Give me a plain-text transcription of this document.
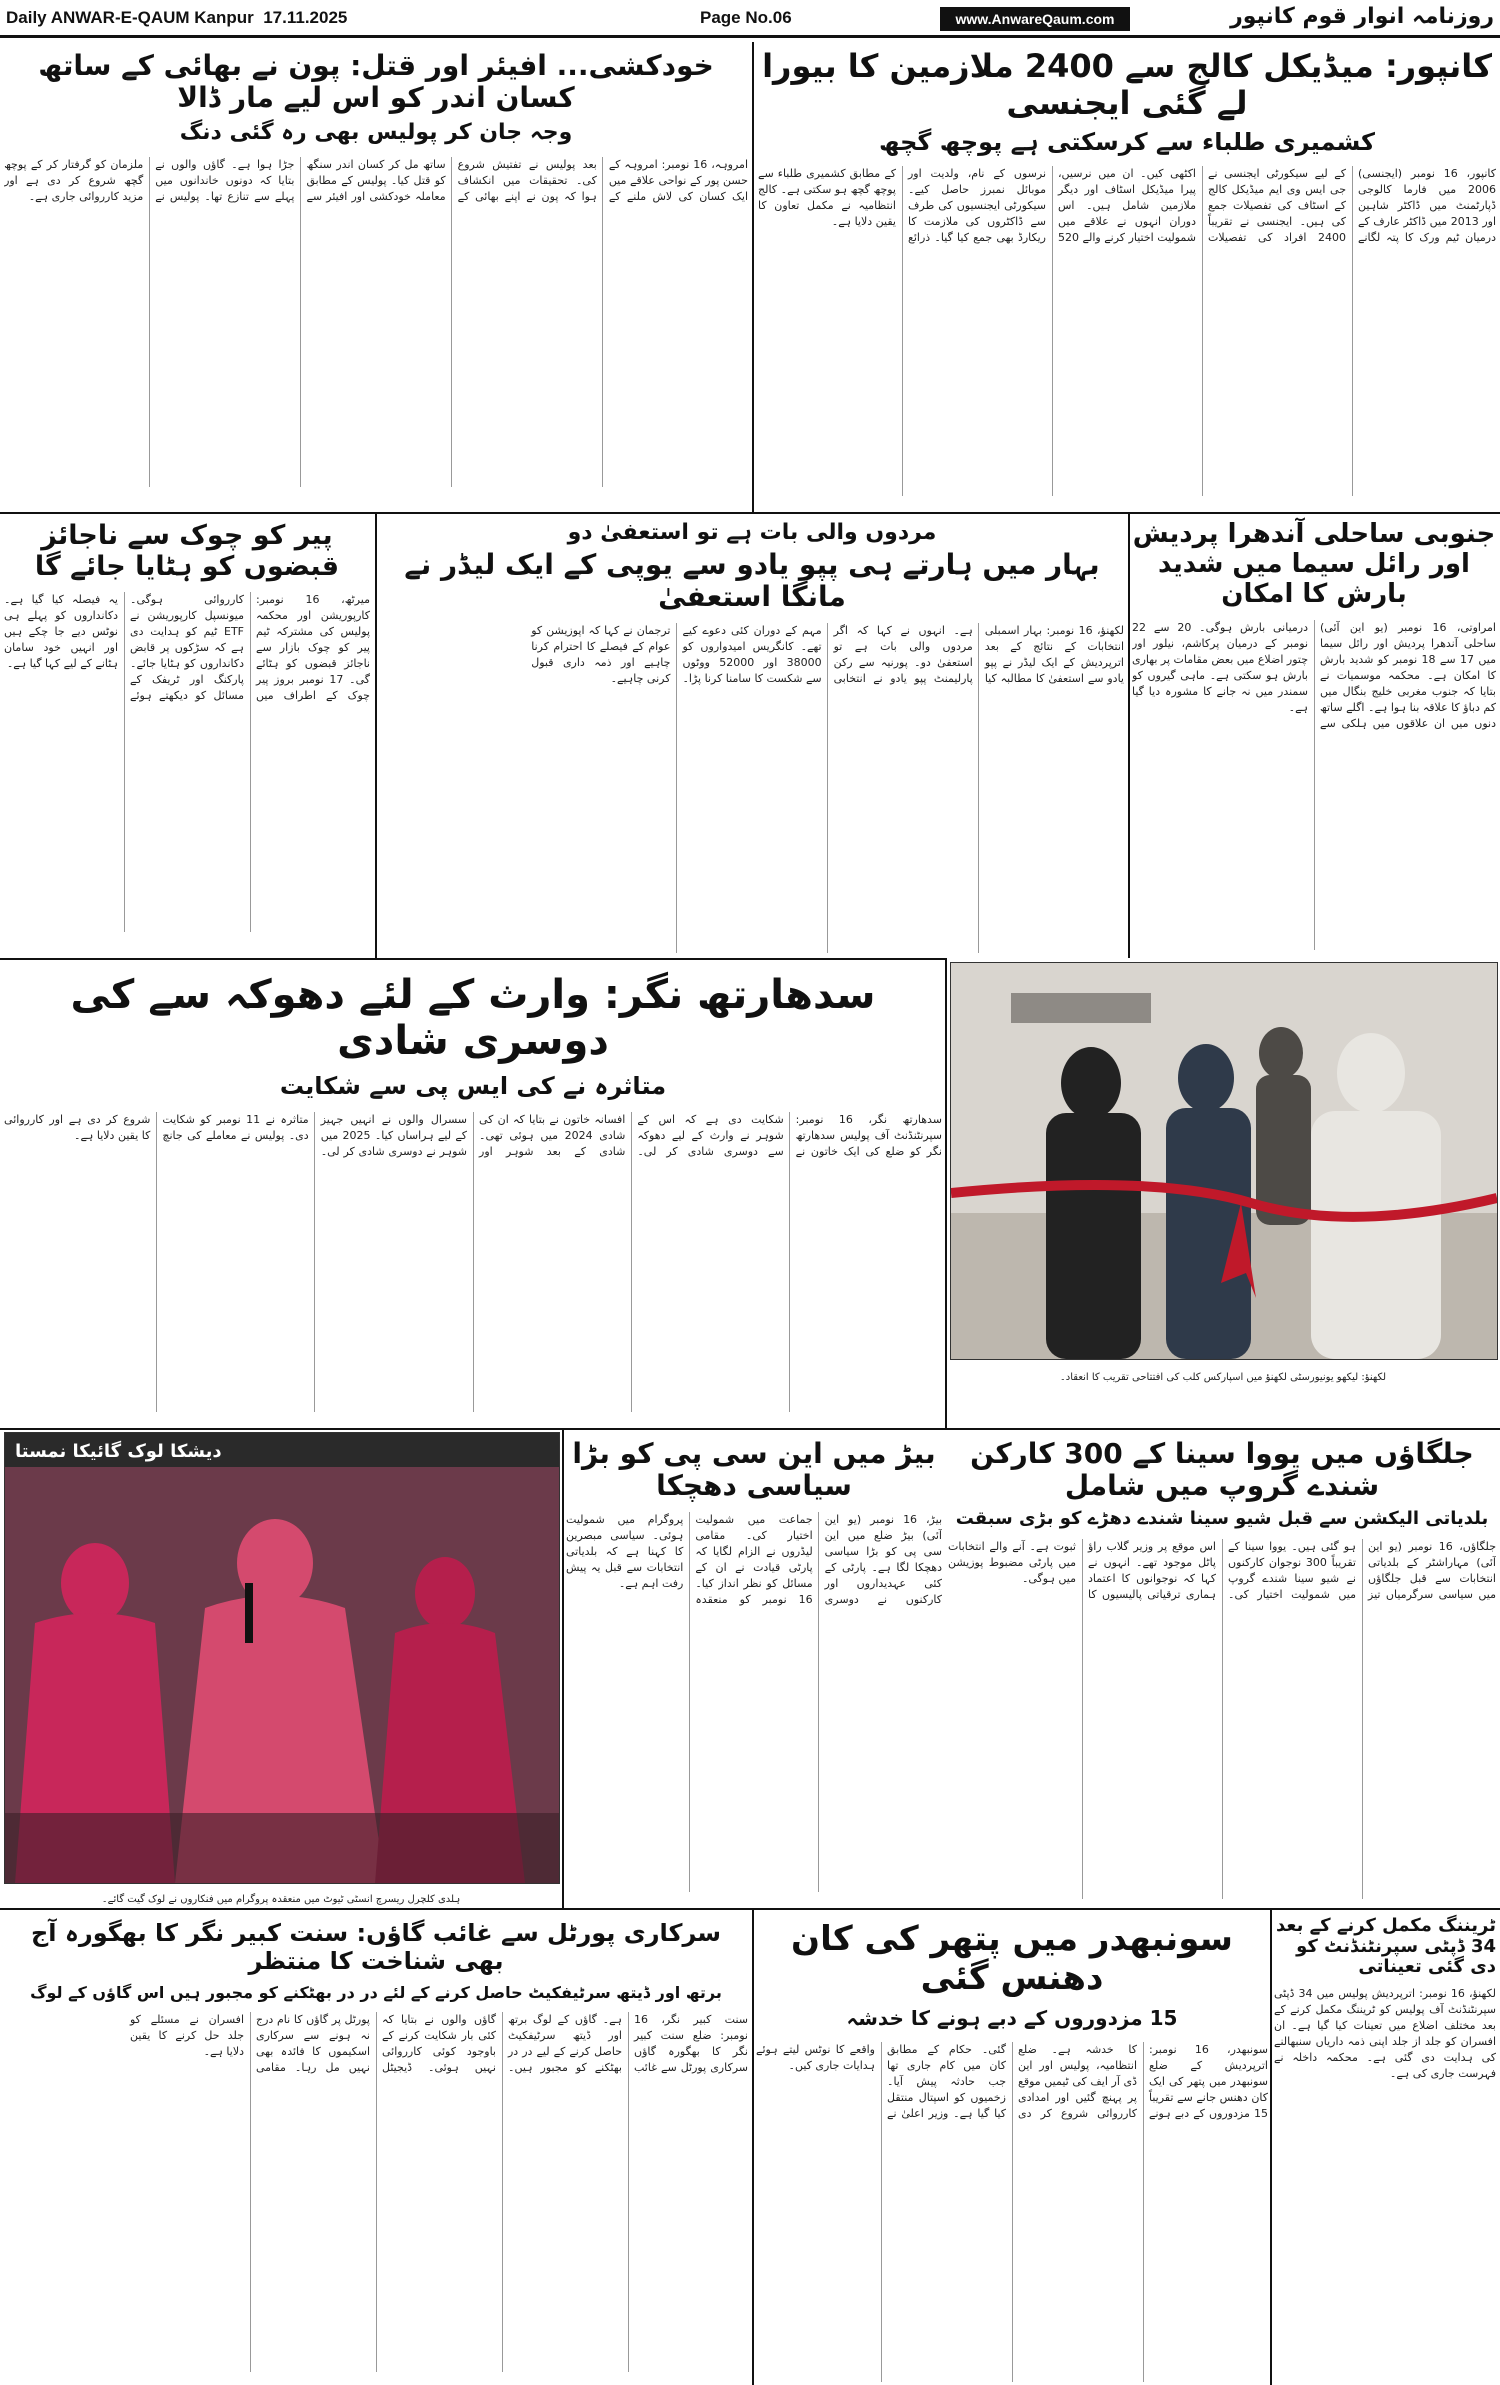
Daily ANWAR-E-QAUM Kanpur 17.11.2025	Page No.06	www.AnwareQaum.com	روزنامہ انوار قوم کانپور
کانپور: میڈیکل کالج سے 2400 ملازمین کا بیورا لے گئی ایجنسی
کشمیری طلباء سے کرسکتی ہے پوچھ گچھ
کانپور، 16 نومبر (ایجنسی) 2006 میں فارما کالوجی ڈپارٹمنٹ میں ڈاکٹر شاہین اور 2013 میں ڈاکٹر عارف کے درمیان ٹیم ورک کا پتہ لگانے کے لیے سیکورٹی ایجنسی نے جی ایس وی ایم میڈیکل کالج کے اسٹاف کی تفصیلات جمع کی ہیں۔ ایجنسی نے تقریباً 2400 افراد کی تفصیلات اکٹھی کیں۔ ان میں نرسیں، پیرا میڈیکل اسٹاف اور دیگر ملازمین شامل ہیں۔ اس دوران انہوں نے علاقے میں شمولیت اختیار کرنے والے 520 نرسوں کے نام، ولدیت اور موبائل نمبرز حاصل کیے۔ سیکورٹی ایجنسیوں کی طرف سے ڈاکٹروں کی ملازمت کا ریکارڈ بھی جمع کیا گیا۔ ذرائع کے مطابق کشمیری طلباء سے پوچھ گچھ ہو سکتی ہے۔ کالج انتظامیہ نے مکمل تعاون کا یقین دلایا ہے۔
خودکشی... افیئر اور قتل: پون نے بھائی کے ساتھ کسان اندر کو اس لیے مار ڈالا
وجہ جان کر پولیس بھی رہ گئی دنگ
امروہہ، 16 نومبر: امروہہ کے حسن پور کے نواحی علاقے میں ایک کسان کی لاش ملنے کے بعد پولیس نے تفتیش شروع کی۔ تحقیقات میں انکشاف ہوا کہ پون نے اپنے بھائی کے ساتھ مل کر کسان اندر سنگھ کو قتل کیا۔ پولیس کے مطابق معاملہ خودکشی اور افیئر سے جڑا ہوا ہے۔ گاؤں والوں نے بتایا کہ دونوں خاندانوں میں پہلے سے تنازع تھا۔ پولیس نے ملزمان کو گرفتار کر کے پوچھ گچھ شروع کر دی ہے اور مزید کارروائی جاری ہے۔
جنوبی ساحلی آندھرا پردیش اور رائل سیما میں شدید بارش کا امکان
امراوتی، 16 نومبر (یو این آئی) ساحلی آندھرا پردیش اور رائل سیما میں 17 سے 18 نومبر کو شدید بارش کا امکان ہے۔ محکمہ موسمیات نے بتایا کہ جنوب مغربی خلیج بنگال میں کم دباؤ کا علاقہ بنا ہوا ہے۔ اگلے ساتھ دنوں میں ان علاقوں میں ہلکی سے درمیانی بارش ہوگی۔ 20 سے 22 نومبر کے درمیان پرکاشم، نیلور اور چتور اضلاع میں بعض مقامات پر بھاری بارش ہو سکتی ہے۔ ماہی گیروں کو سمندر میں نہ جانے کا مشورہ دیا گیا ہے۔
مردوں والی بات ہے تو استعفیٰ دو
بہار میں ہارتے ہی پپو یادو سے یوپی کے ایک لیڈر نے مانگا استعفیٰ
لکھنؤ، 16 نومبر: بہار اسمبلی انتخابات کے نتائج کے بعد اترپردیش کے ایک لیڈر نے پپو یادو سے استعفیٰ کا مطالبہ کیا ہے۔ انہوں نے کہا کہ اگر مردوں والی بات ہے تو استعفیٰ دو۔ پورنیہ سے رکن پارلیمنٹ پپو یادو نے انتخابی مہم کے دوران کئی دعوے کیے تھے۔ کانگریس امیدواروں کو 38000 اور 52000 ووٹوں سے شکست کا سامنا کرنا پڑا۔ ترجمان نے کہا کہ اپوزیشن کو عوام کے فیصلے کا احترام کرنا چاہیے اور ذمہ داری قبول کرنی چاہیے۔
پیر کو چوک سے ناجائز قبضوں کو ہٹایا جائے گا
میرٹھ، 16 نومبر: کارپوریشن اور محکمہ پولیس کی مشترکہ ٹیم پیر کو چوک بازار سے ناجائز قبضوں کو ہٹائے گی۔ 17 نومبر بروز پیر چوک کے اطراف میں کارروائی ہوگی۔ میونسپل کارپوریشن نے ETF ٹیم کو ہدایت دی ہے کہ سڑکوں پر قابض دکانداروں کو ہٹایا جائے۔ پارکنگ اور ٹریفک کے مسائل کو دیکھتے ہوئے یہ فیصلہ کیا گیا ہے۔ دکانداروں کو پہلے ہی نوٹس دیے جا چکے ہیں اور انہیں خود سامان ہٹانے کے لیے کہا گیا ہے۔
لکھنؤ: لیکھو یونیورسٹی لکھنؤ میں اسپارکس کلب کی افتتاحی تقریب کا انعقاد۔
سدھارتھ نگر: وارث کے لئے دھوکہ سے کی دوسری شادی
متاثرہ نے کی ایس پی سے شکایت
سدھارتھ نگر، 16 نومبر: سپرنٹنڈنٹ آف پولیس سدھارتھ نگر کو ضلع کی ایک خاتون نے شکایت دی ہے کہ اس کے شوہر نے وارث کے لیے دھوکہ سے دوسری شادی کر لی۔ افسانہ خاتون نے بتایا کہ ان کی شادی 2024 میں ہوئی تھی۔ شادی کے بعد شوہر اور سسرال والوں نے انہیں جہیز کے لیے ہراساں کیا۔ 2025 میں شوہر نے دوسری شادی کر لی۔ متاثرہ نے 11 نومبر کو شکایت دی۔ پولیس نے معاملے کی جانچ شروع کر دی ہے اور کارروائی کا یقین دلایا ہے۔
جلگاؤں میں یووا سینا کے 300 کارکن شندے گروپ میں شامل
بلدیاتی الیکشن سے قبل شیو سینا شندے دھڑے کو بڑی سبقت
جلگاؤں، 16 نومبر (یو این آئی) مہاراشٹر کے بلدیاتی انتخابات سے قبل جلگاؤں میں سیاسی سرگرمیاں تیز ہو گئی ہیں۔ یووا سینا کے تقریباً 300 نوجوان کارکنوں نے شیو سینا شندے گروپ میں شمولیت اختیار کی۔ اس موقع پر وزیر گلاب راؤ پاٹل موجود تھے۔ انہوں نے کہا کہ نوجوانوں کا اعتماد ہماری ترقیاتی پالیسیوں کا ثبوت ہے۔ آنے والے انتخابات میں پارٹی مضبوط پوزیشن میں ہوگی۔
بیڑ میں این سی پی کو بڑا سیاسی دھچکا
بیڑ، 16 نومبر (یو این آئی) بیڑ ضلع میں این سی پی کو بڑا سیاسی دھچکا لگا ہے۔ پارٹی کے کئی عہدیداروں اور کارکنوں نے دوسری جماعت میں شمولیت اختیار کی۔ مقامی لیڈروں نے الزام لگایا کہ پارٹی قیادت نے ان کے مسائل کو نظر انداز کیا۔ 16 نومبر کو منعقدہ پروگرام میں شمولیت ہوئی۔ سیاسی مبصرین کا کہنا ہے کہ بلدیاتی انتخابات سے قبل یہ پیش رفت اہم ہے۔
دیشکا لوک گائیکا نمستا
ہلدی کلچرل ریسرچ انسٹی ٹیوٹ میں منعقدہ پروگرام میں فنکاروں نے لوک گیت گائے۔
ٹریننگ مکمل کرنے کے بعد 34 ڈپٹی سپرنٹنڈنٹ کو دی گئی تعیناتی
لکھنؤ، 16 نومبر: اترپردیش پولیس میں 34 ڈپٹی سپرنٹنڈنٹ آف پولیس کو ٹریننگ مکمل کرنے کے بعد مختلف اضلاع میں تعینات کیا گیا ہے۔ ان افسران کو جلد از جلد اپنی ذمہ داریاں سنبھالنے کی ہدایت دی گئی ہے۔ محکمہ داخلہ نے فہرست جاری کی ہے۔
سونبھدر میں پتھر کی کان دھنس گئی
15 مزدوروں کے دبے ہونے کا خدشہ
سونبھدر، 16 نومبر: اترپردیش کے ضلع سونبھدر میں پتھر کی ایک کان دھنس جانے سے تقریباً 15 مزدوروں کے دبے ہونے کا خدشہ ہے۔ ضلع انتظامیہ، پولیس اور این ڈی آر ایف کی ٹیمیں موقع پر پہنچ گئیں اور امدادی کارروائی شروع کر دی گئی۔ حکام کے مطابق کان میں کام جاری تھا جب حادثہ پیش آیا۔ زخمیوں کو اسپتال منتقل کیا گیا ہے۔ وزیر اعلیٰ نے واقعے کا نوٹس لیتے ہوئے ہدایات جاری کیں۔
سرکاری پورٹل سے غائب گاؤں: سنت کبیر نگر کا بھگورہ آج بھی شناخت کا منتظر
برتھ اور ڈیتھ سرٹیفکیٹ حاصل کرنے کے لئے در در بھٹکنے کو مجبور ہیں اس گاؤں کے لوگ
سنت کبیر نگر، 16 نومبر: ضلع سنت کبیر نگر کا بھگورہ گاؤں سرکاری پورٹل سے غائب ہے۔ گاؤں کے لوگ برتھ اور ڈیتھ سرٹیفکیٹ حاصل کرنے کے لیے در در بھٹکنے کو مجبور ہیں۔ گاؤں والوں نے بتایا کہ کئی بار شکایت کرنے کے باوجود کوئی کارروائی نہیں ہوئی۔ ڈیجیٹل پورٹل پر گاؤں کا نام درج نہ ہونے سے سرکاری اسکیموں کا فائدہ بھی نہیں مل رہا۔ مقامی افسران نے مسئلے کو جلد حل کرنے کا یقین دلایا ہے۔
